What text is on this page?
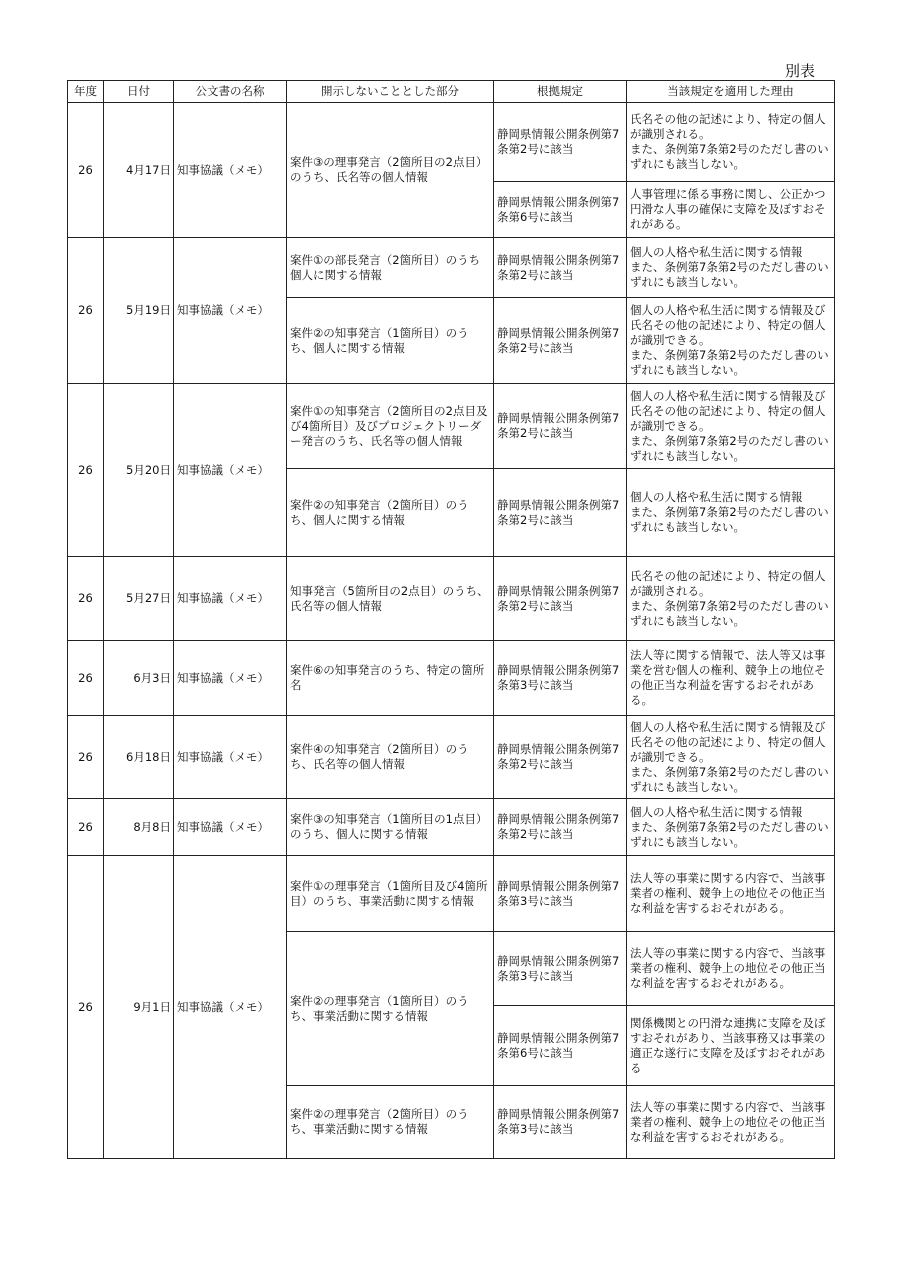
別表
年度	日付	公文書の名称	開示しないこととした部分	根拠規定	当該規定を適用した理由
26	4月17日	知事協議（メモ）	案件③の理事発言（2箇所目の2点目）のうち、氏名等の個人情報	静岡県情報公開条例第7条第2号に該当	氏名その他の記述により、特定の個人が識別される。
また、条例第7条第2号のただし書のいずれにも該当しない。
				静岡県情報公開条例第7条第6号に該当	人事管理に係る事務に関し、公正かつ円滑な人事の確保に支障を及ぼすおそれがある。
26	5月19日	知事協議（メモ）	案件①の部長発言（2箇所目）のうち個人に関する情報	静岡県情報公開条例第7条第2号に該当	個人の人格や私生活に関する情報
また、条例第7条第2号のただし書のいずれにも該当しない。
			案件②の知事発言（1箇所目）のうち、個人に関する情報	静岡県情報公開条例第7条第2号に該当	個人の人格や私生活に関する情報及び氏名その他の記述により、特定の個人が識別できる。
また、条例第7条第2号のただし書のいずれにも該当しない。
26	5月20日	知事協議（メモ）	案件①の知事発言（2箇所目の2点目及び4箇所目）及びプロジェクトリーダー発言のうち、氏名等の個人情報	静岡県情報公開条例第7条第2号に該当	個人の人格や私生活に関する情報及び氏名その他の記述により、特定の個人が識別できる。
また、条例第7条第2号のただし書のいずれにも該当しない。
			案件②の知事発言（2箇所目）のうち、個人に関する情報	静岡県情報公開条例第7条第2号に該当	個人の人格や私生活に関する情報
また、条例第7条第2号のただし書のいずれにも該当しない。
26	5月27日	知事協議（メモ）	知事発言（5箇所目の2点目）のうち、氏名等の個人情報	静岡県情報公開条例第7条第2号に該当	氏名その他の記述により、特定の個人が識別される。
また、条例第7条第2号のただし書のいずれにも該当しない。
26	6月3日	知事協議（メモ）	案件⑥の知事発言のうち、特定の箇所名	静岡県情報公開条例第7条第3号に該当	法人等に関する情報で、法人等又は事業を営む個人の権利、競争上の地位その他正当な利益を害するおそれがある。
26	6月18日	知事協議（メモ）	案件④の知事発言（2箇所目）のうち、氏名等の個人情報	静岡県情報公開条例第7条第2号に該当	個人の人格や私生活に関する情報及び氏名その他の記述により、特定の個人が識別できる。
また、条例第7条第2号のただし書のいずれにも該当しない。
26	8月8日	知事協議（メモ）	案件③の知事発言（1箇所目の1点目）のうち、個人に関する情報	静岡県情報公開条例第7条第2号に該当	個人の人格や私生活に関する情報
また、条例第7条第2号のただし書のいずれにも該当しない。
26	9月1日	知事協議（メモ）	案件①の理事発言（1箇所目及び4箇所目）のうち、事業活動に関する情報	静岡県情報公開条例第7条第3号に該当	法人等の事業に関する内容で、当該事業者の権利、競争上の地位その他正当な利益を害するおそれがある。
			案件②の理事発言（1箇所目）のうち、事業活動に関する情報	静岡県情報公開条例第7条第3号に該当	法人等の事業に関する内容で、当該事業者の権利、競争上の地位その他正当な利益を害するおそれがある。
				静岡県情報公開条例第7条第6号に該当	関係機関との円滑な連携に支障を及ぼすおそれがあり、当該事務又は事業の適正な遂行に支障を及ぼすおそれがある
			案件②の理事発言（2箇所目）のうち、事業活動に関する情報	静岡県情報公開条例第7条第3号に該当	法人等の事業に関する内容で、当該事業者の権利、競争上の地位その他正当な利益を害するおそれがある。
